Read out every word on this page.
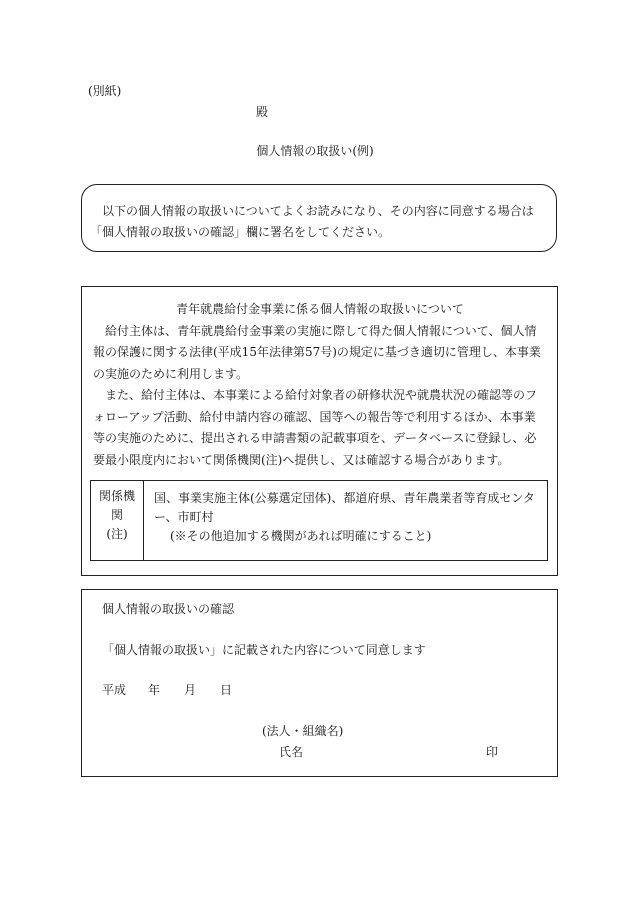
(別紙)
殿
個人情報の取扱い(例)

以下の個人情報の取扱いについてよくお読みになり、その内容に同意する場合は

「個人情報の取扱いの確認」欄に署名をしてください。

青年就農給付金事業に係る個人情報の取扱いについて

給付主体は、青年就農給付金事業の実施に際して得た個人情報について、個人情報の保護に関する法律(平成15年法律第57号)の規定に基づき適切に管理し、本事業の実施のために利用します。

また、給付主体は、本事業による給付対象者の研修状況や就農状況の確認等のフォローアップ活動、給付申請内容の確認、国等への報告等で利用するほか、本事業等の実施のために、提出される申請書類の記載事項を、データベースに登録し、必要最小限度内において関係機関(注)へ提供し、又は確認する場合があります。

関係機
関
(注)

国、事業実施主体(公募選定団体)、都道府県、青年農業者等育成センター、市町村

(※その他追加する機関があれば明確にすること)

個人情報の取扱いの確認
「個人情報の取扱い」に記載された内容について同意します
平成 年 月 日
(法人・組織名)
氏名	印
